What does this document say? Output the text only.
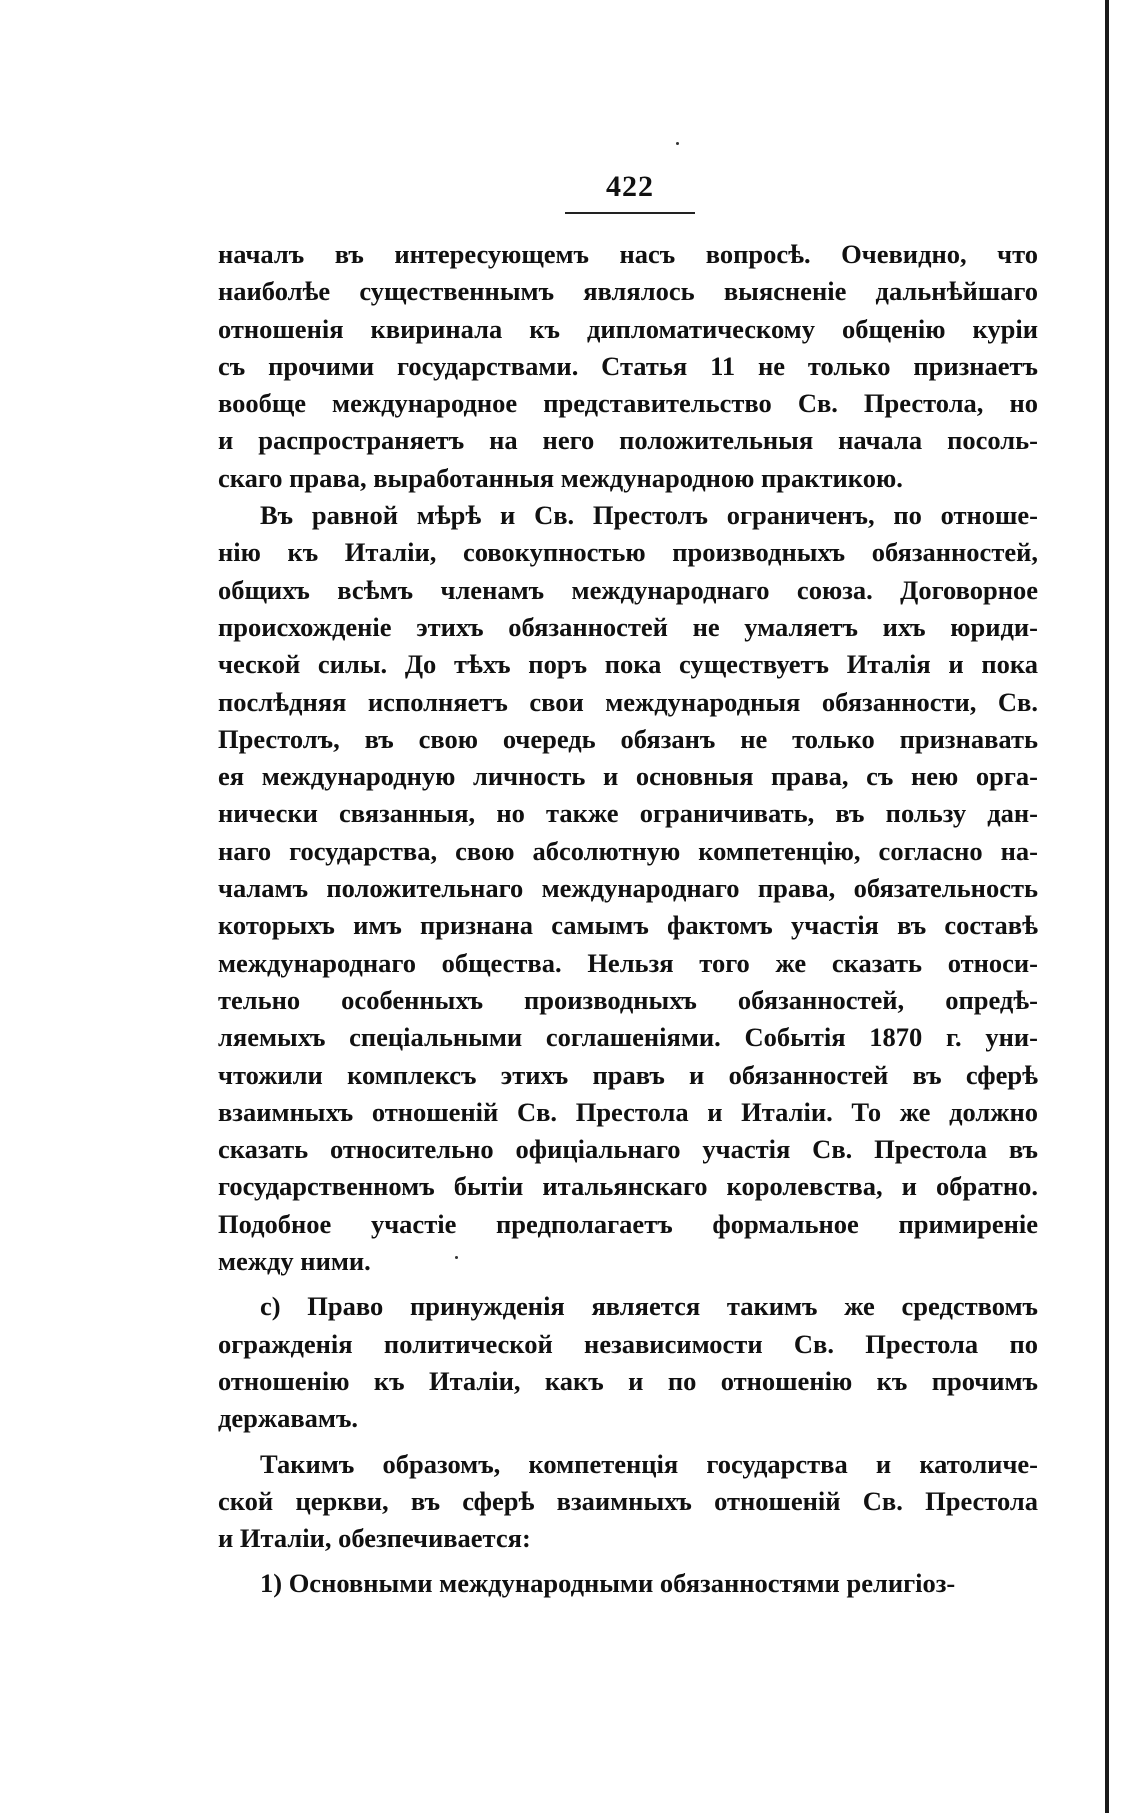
422
началъ въ интересующемъ насъ вопросѣ. Очевидно, что
наиболѣе существеннымъ являлось выясненіе дальнѣйшаго
отношенія квиринала къ дипломатическому общенію куріи
съ прочими государствами. Статья 11 не только признаетъ
вообще международное представительство Св. Престола, но
и распространяетъ на него положительныя начала посоль-
скаго права, выработанныя международною практикою.
Въ равной мѣрѣ и Св. Престолъ ограниченъ, по отноше-
нію къ Италіи, совокупностью производныхъ обязанностей,
общихъ всѣмъ членамъ международнаго союза. Договорное
происхожденіе этихъ обязанностей не умаляетъ ихъ юриди-
ческой силы. До тѣхъ поръ пока существуетъ Италія и пока
послѣдняя исполняетъ свои международныя обязанности, Св.
Престолъ, въ свою очередь обязанъ не только признавать
ея международную личность и основныя права, съ нею орга-
нически связанныя, но также ограничивать, въ пользу дан-
наго государства, свою абсолютную компетенцію, согласно на-
чаламъ положительнаго международнаго права, обязательность
которыхъ имъ признана самымъ фактомъ участія въ составѣ
международнаго общества. Нельзя того же сказать относи-
тельно особенныхъ производныхъ обязанностей, опредѣ-
ляемыхъ спеціальными соглашеніями. Событія 1870 г. уни-
чтожили комплексъ этихъ правъ и обязанностей въ сферѣ
взаимныхъ отношеній Св. Престола и Италіи. То же должно
сказать относительно офиціальнаго участія Св. Престола въ
государственномъ бытіи итальянскаго королевства, и обратно.
Подобное участіе предполагаетъ формальное примиреніе
между ними.
c) Право принужденія является такимъ же средствомъ
огражденія политической независимости Св. Престола по
отношенію къ Италіи, какъ и по отношенію къ прочимъ
державамъ.
Такимъ образомъ, компетенція государства и католиче-
ской церкви, въ сферѣ взаимныхъ отношеній Св. Престола
и Италіи, обезпечивается:
1) Основными международными обязанностями религіоз-
